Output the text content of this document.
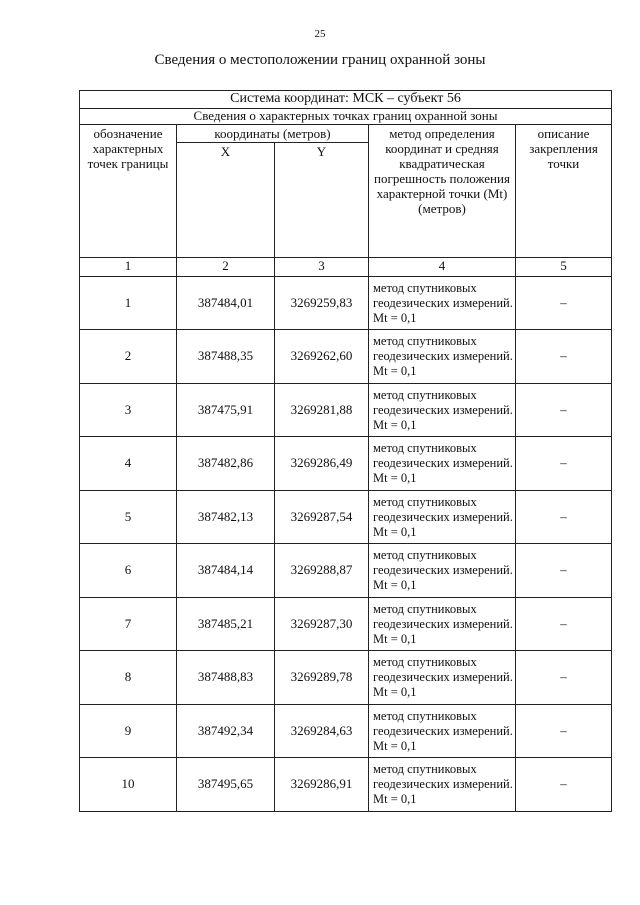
25
Сведения о местоположении границ охранной зоны
Система координат: МСК – субъект 56				
Сведения о характерных точках границ охранной зоны				
обозначение характерных точек границы	координаты (метров)		метод определения координат и средняя квадратическая погрешность положения характерной точки (Mt) (метров)	описание закрепления точки
	X	Y		
1	2	3	4	5
1	387484,01	3269259,83	метод спутниковых геодезических измерений. Mt = 0,1	–
2	387488,35	3269262,60	метод спутниковых геодезических измерений. Mt = 0,1	–
3	387475,91	3269281,88	метод спутниковых геодезических измерений. Mt = 0,1	–
4	387482,86	3269286,49	метод спутниковых геодезических измерений. Mt = 0,1	–
5	387482,13	3269287,54	метод спутниковых геодезических измерений. Mt = 0,1	–
6	387484,14	3269288,87	метод спутниковых геодезических измерений. Mt = 0,1	–
7	387485,21	3269287,30	метод спутниковых геодезических измерений. Mt = 0,1	–
8	387488,83	3269289,78	метод спутниковых геодезических измерений. Mt = 0,1	–
9	387492,34	3269284,63	метод спутниковых геодезических измерений. Mt = 0,1	–
10	387495,65	3269286,91	метод спутниковых геодезических измерений. Mt = 0,1	–
